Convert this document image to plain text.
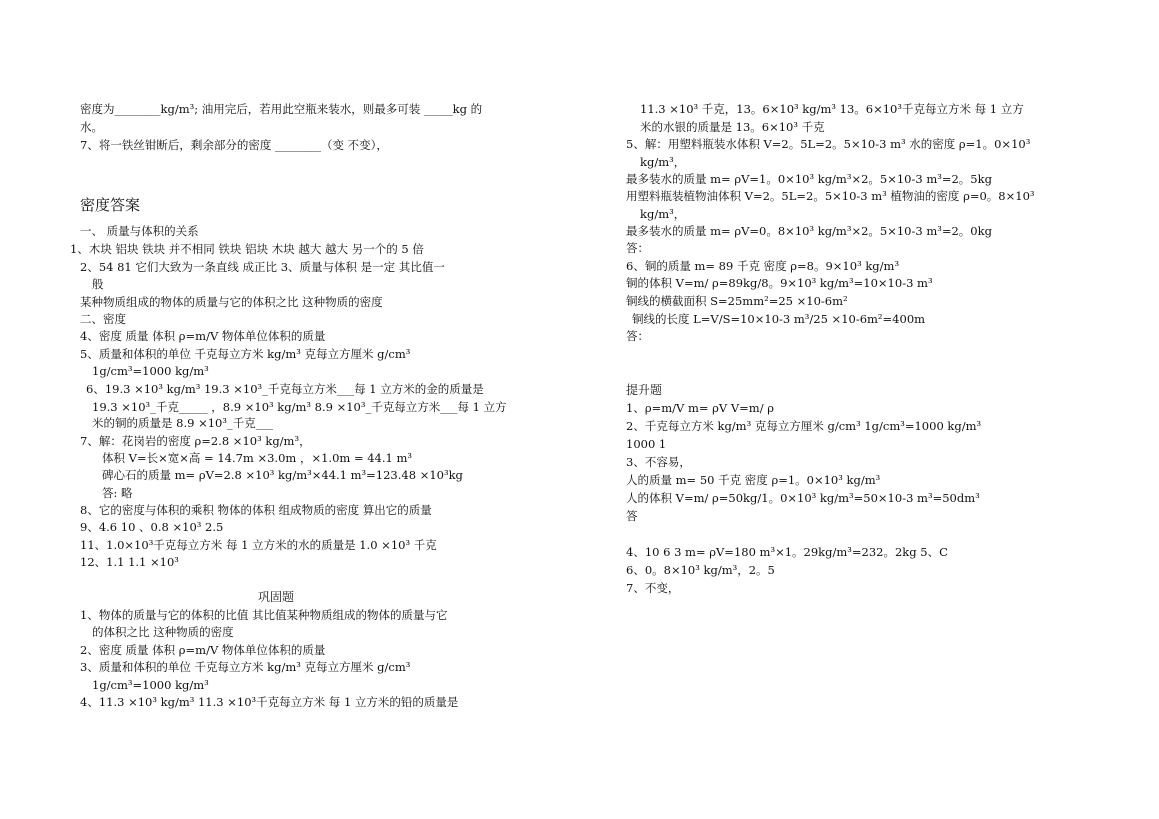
密度为________kg/m³; 油用完后，若用此空瓶来装水，则最多可装 _____kg 的
水。
7、将一铁丝钳断后，剩余部分的密度 ________（变 不变），
密度答案
一、 质量与体积的关系
1、木块 铝块 铁块 并不相同 铁块 铝块 木块 越大 越大 另一个的 5 倍
2、54 81 它们大致为一条直线 成正比 3、质量与体积 是一定 其比值一
般
某种物质组成的物体的质量与它的体积之比 这种物质的密度
二、密度
4、密度 质量 体积 ρ=m/V 物体单位体积的质量
5、质量和体积的单位 千克每立方米 kg/m³ 克每立方厘米 g/cm³
1g/cm³=1000 kg/m³
6、19.3 ×10³ kg/m³ 19.3 ×10³_千克每立方米___每 1 立方米的金的质量是
19.3 ×10³_千克_____ ，8.9 ×10³ kg/m³ 8.9 ×10³_千克每立方米___每 1 立方
米的铜的质量是 8.9 ×10³_千克___
7、解：花岗岩的密度 ρ=2.8 ×10³ kg/m³，
体积 V=长×宽×高 = 14.7m ×3.0m ，×1.0m = 44.1 m³
碑心石的质量 m= ρV=2.8 ×10³ kg/m³×44.1 m³=123.48 ×10³kg
答: 略
8、它的密度与体积的乘积 物体的体积 组成物质的密度 算出它的质量
9、4.6 10 、0.8 ×10³ 2.5
11、1.0×10³千克每立方米 每 1 立方米的水的质量是 1.0 ×10³ 千克
12、1.1 1.1 ×10³
巩固题
1、物体的质量与它的体积的比值 其比值某种物质组成的物体的质量与它
的体积之比 这种物质的密度
2、密度 质量 体积 ρ=m/V 物体单位体积的质量
3、质量和体积的单位 千克每立方米 kg/m³ 克每立方厘米 g/cm³
1g/cm³=1000 kg/m³
4、11.3 ×10³ kg/m³ 11.3 ×10³千克每立方米 每 1 立方米的铅的质量是
11.3 ×10³ 千克，13。6×10³ kg/m³ 13。6×10³千克每立方米 每 1 立方
米的水银的质量是 13。6×10³ 千克
5、解：用塑料瓶装水体积 V=2。5L=2。5×10-3 m³ 水的密度 ρ=1。0×10³
kg/m³，
最多装水的质量 m= ρV=1。0×10³ kg/m³×2。5×10-3 m³=2。5kg
用塑料瓶装植物油体积 V=2。5L=2。5×10-3 m³ 植物油的密度 ρ=0。8×10³
kg/m³，
最多装水的质量 m= ρV=0。8×10³ kg/m³×2。5×10-3 m³=2。0kg
答：
6、铜的质量 m= 89 千克 密度 ρ=8。9×10³ kg/m³
铜的体积 V=m/ ρ=89kg/8。9×10³ kg/m³=10×10-3 m³
铜线的横截面积 S=25mm²=25 ×10-6m²
铜线的长度 L=V/S=10×10-3 m³/25 ×10-6m²=400m
答：
提升题
1、ρ=m/V m= ρV V=m/ ρ
2、千克每立方米 kg/m³ 克每立方厘米 g/cm³ 1g/cm³=1000 kg/m³
1000 1
3、不容易，
人的质量 m= 50 千克 密度 ρ=1。0×10³ kg/m³
人的体积 V=m/ ρ=50kg/1。0×10³ kg/m³=50×10-3 m³=50dm³
答
4、10 6 3 m= ρV=180 m³×1。29kg/m³=232。2kg 5、C
6、0。8×10³ kg/m³，2。5
7、不变，
